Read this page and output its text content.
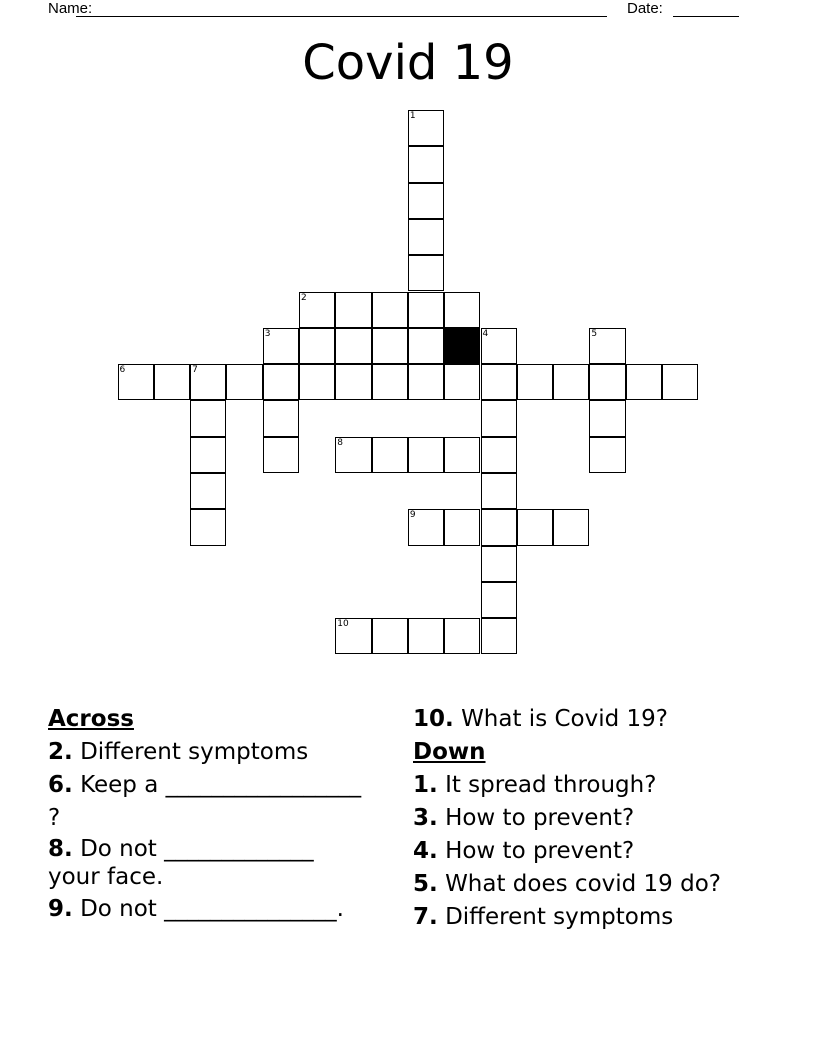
Name:	Date:
Covid 19
1
2
3	4	5
6	7
8
9
10
Across

2. Different symptoms

6. Keep a _________________ ?

8. Do not _____________ your face.

9. Do not _______________.

10. What is Covid 19?

Down

1. It spread through?

3. How to prevent?

4. How to prevent?

5. What does covid 19 do?

7. Different symptoms
